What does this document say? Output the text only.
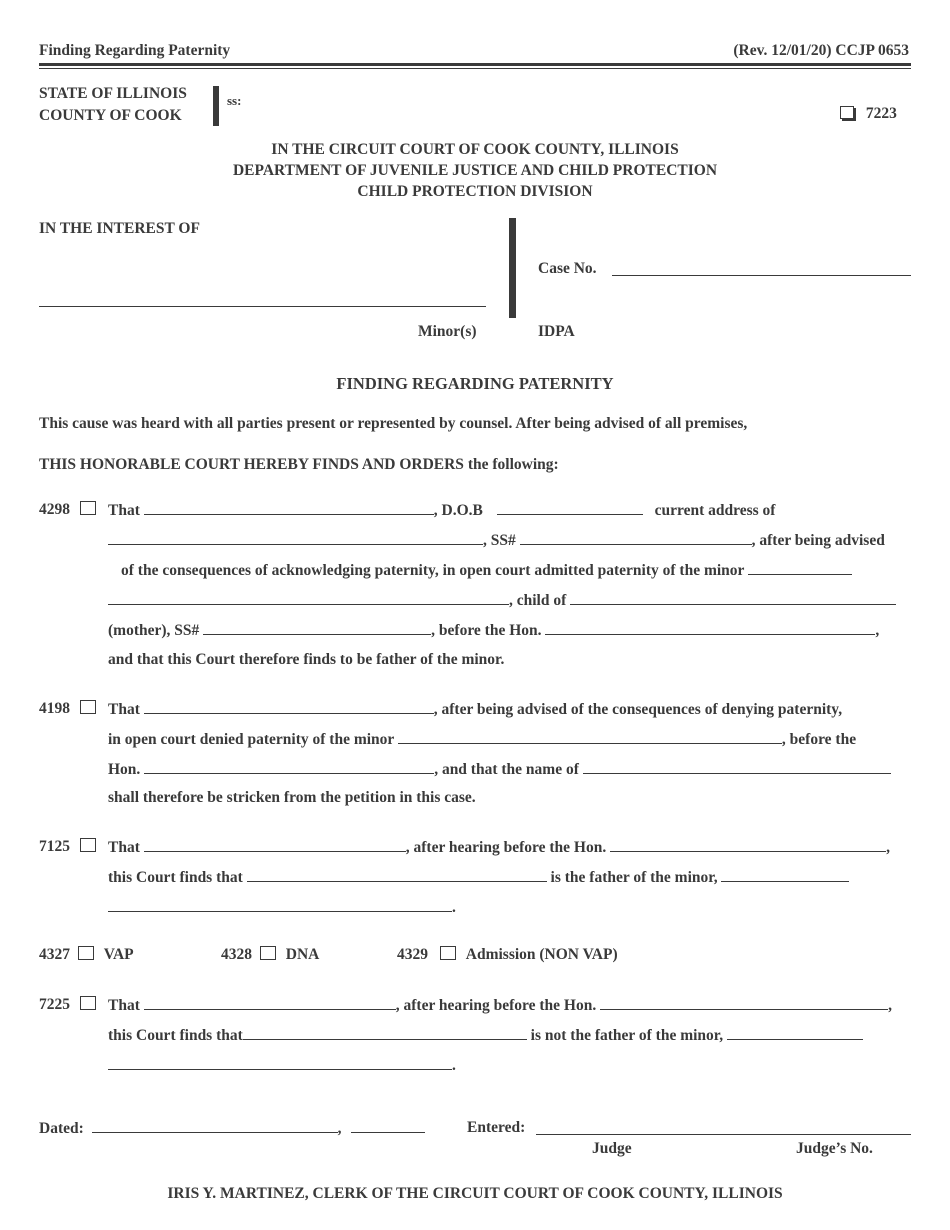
Finding Regarding Paternity	(Rev. 12/01/20) CCJP 0653
STATE OF ILLINOIS
COUNTY OF COOK
ss:
7223
IN THE CIRCUIT COURT OF COOK COUNTY, ILLINOIS
DEPARTMENT OF JUVENILE JUSTICE AND CHILD PROTECTION
CHILD PROTECTION DIVISION
IN THE INTEREST OF
Minor(s)
Case No.
IDPA
FINDING REGARDING PATERNITY
This cause was heard with all parties present or represented by counsel. After being advised of all premises,
THIS HONORABLE COURT HEREBY FINDS AND ORDERS the following:
4298	That	, D.O.B	current address of
, SS#	, after being advised
of the consequences of acknowledging paternity, in open court admitted paternity of the minor
, child of
(mother), SS#	, before the Hon.	,
and that this Court therefore finds to be father of the minor.
4198	That	, after being advised of the consequences of denying paternity,
in open court denied paternity of the minor	, before the
Hon.	, and that the name of
shall therefore be stricken from the petition in this case.
7125	That	, after hearing before the Hon.	,
this Court finds that	is the father of the minor,
.
4327 VAP	4328 DNA	4329 Admission (NON VAP)
7225	That	, after hearing before the Hon.	,
this Court finds that	is not the father of the minor,
.
Dated:	,	Entered:
Judge	Judge’s No.
IRIS Y. MARTINEZ, CLERK OF THE CIRCUIT COURT OF COOK COUNTY, ILLINOIS
